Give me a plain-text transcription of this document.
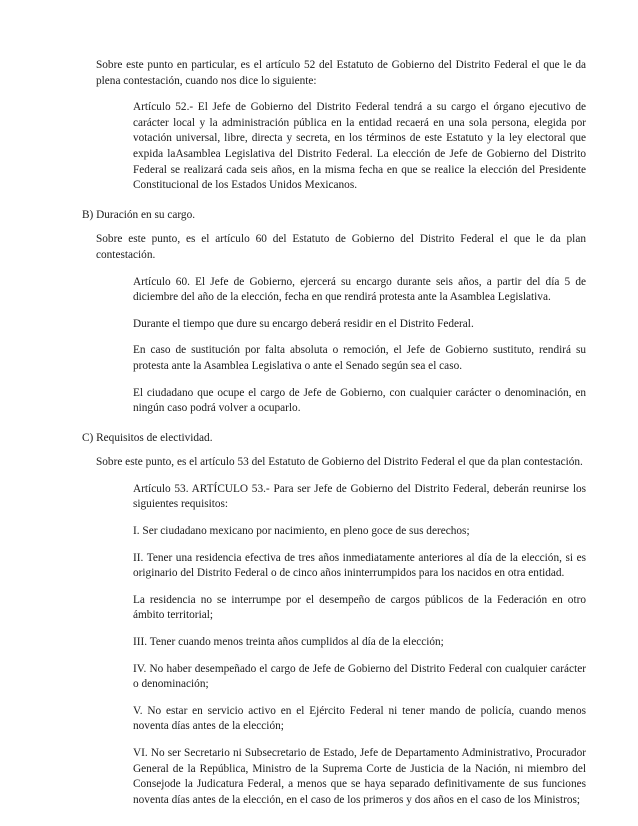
Sobre este punto en particular, es el artículo 52 del Estatuto de Gobierno del Distrito Federal el que le da plena contestación, cuando nos dice lo siguiente:

Artículo 52.- El Jefe de Gobierno del Distrito Federal tendrá a su cargo el órgano ejecutivo de carácter local y la administración pública en la entidad recaerá en una sola persona, elegida por votación universal, libre, directa y secreta, en los términos de este Estatuto y la ley electoral que expida laAsamblea Legislativa del Distrito Federal. La elección de Jefe de Gobierno del Distrito Federal se realizará cada seis años, en la misma fecha en que se realice la elección del Presidente Constitucional de los Estados Unidos Mexicanos.

B) Duración en su cargo.

Sobre este punto, es el artículo 60 del Estatuto de Gobierno del Distrito Federal el que le da plan contestación.

Artículo 60. El Jefe de Gobierno, ejercerá su encargo durante seis años, a partir del día 5 de diciembre del año de la elección, fecha en que rendirá protesta ante la Asamblea Legislativa.

Durante el tiempo que dure su encargo deberá residir en el Distrito Federal.

En caso de sustitución por falta absoluta o remoción, el Jefe de Gobierno sustituto, rendirá su protesta ante la Asamblea Legislativa o ante el Senado según sea el caso.

El ciudadano que ocupe el cargo de Jefe de Gobierno, con cualquier carácter o denominación, en ningún caso podrá volver a ocuparlo.

C) Requisitos de electividad.

Sobre este punto, es el artículo 53 del Estatuto de Gobierno del Distrito Federal el que da plan contestación.

Artículo 53. ARTÍCULO 53.- Para ser Jefe de Gobierno del Distrito Federal, deberán reunirse los siguientes requisitos:

I. Ser ciudadano mexicano por nacimiento, en pleno goce de sus derechos;

II. Tener una residencia efectiva de tres años inmediatamente anteriores al día de la elección, si es originario del Distrito Federal o de cinco años ininterrumpidos para los nacidos en otra entidad.

La residencia no se interrumpe por el desempeño de cargos públicos de la Federación en otro ámbito territorial;

III. Tener cuando menos treinta años cumplidos al día de la elección;

IV. No haber desempeñado el cargo de Jefe de Gobierno del Distrito Federal con cualquier carácter o denominación;

V. No estar en servicio activo en el Ejército Federal ni tener mando de policía, cuando menos noventa días antes de la elección;

VI. No ser Secretario ni Subsecretario de Estado, Jefe de Departamento Administrativo, Procurador General de la República, Ministro de la Suprema Corte de Justicia de la Nación, ni miembro del Consejode la Judicatura Federal, a menos que se haya separado definitivamente de sus funciones noventa días antes de la elección, en el caso de los primeros y dos años en el caso de los Ministros;
